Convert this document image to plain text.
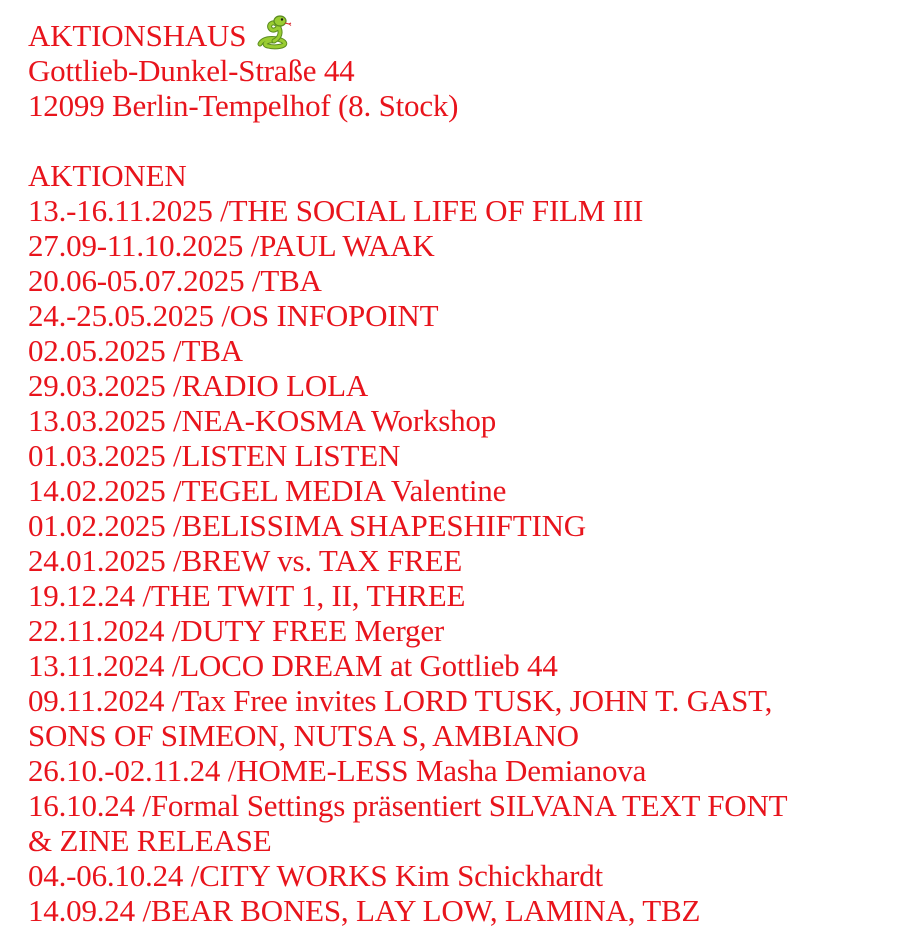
AKTIONSHAUS
Gottlieb-Dunkel-Straße 44
12099 Berlin-Tempelhof (8. Stock)
AKTIONEN
13.-16.11.2025 /THE SOCIAL LIFE OF FILM III
27.09-11.10.2025 /PAUL WAAK
20.06-05.07.2025 /TBA
24.-25.05.2025 /OS INFOPOINT
02.05.2025 /TBA
29.03.2025 /RADIO LOLA
13.03.2025 /NEA-KOSMA Workshop
01.03.2025 /LISTEN LISTEN
14.02.2025 /TEGEL MEDIA Valentine
01.02.2025 /BELISSIMA SHAPESHIFTING
24.01.2025 /BREW vs. TAX FREE
19.12.24 /THE TWIT 1, II, THREE
22.11.2024 /DUTY FREE Merger
13.11.2024 /LOCO DREAM at Gottlieb 44
09.11.2024 /Tax Free invites LORD TUSK, JOHN T. GAST, SONS OF SIMEON, NUTSA S, AMBIANO
26.10.-02.11.24 /HOME-LESS Masha Demianova
16.10.24 /Formal Settings präsentiert SILVANA TEXT FONT & ZINE RELEASE
04.-06.10.24 /CITY WORKS Kim Schickhardt
14.09.24 /BEAR BONES, LAY LOW, LAMINA, TBZ
